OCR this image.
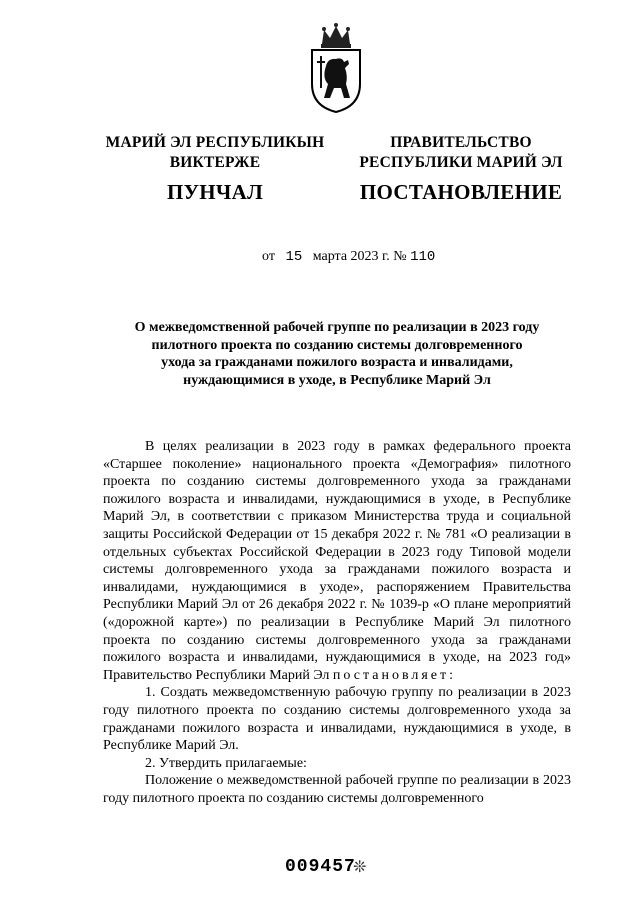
МАРИЙ ЭЛ РЕСПУБЛИКЫН
ВИКТЕРЖЕ
ПУНЧАЛ
ПРАВИТЕЛЬСТВО
РЕСПУБЛИКИ МАРИЙ ЭЛ
ПОСТАНОВЛЕНИЕ
от 15 марта 2023 г. № 110
О межведомственной рабочей группе по реализации в 2023 году
пилотного проекта по созданию системы долговременного
ухода за гражданами пожилого возраста и инвалидами,
нуждающимися в уходе, в Республике Марий Эл

В целях реализации в 2023 году в рамках федерального проекта «Старшее поколение» национального проекта «Демография» пилотного проекта по созданию системы долговременного ухода за гражданами пожилого возраста и инвалидами, нуждающимися в уходе, в Республике Марий Эл, в соответствии с приказом Министерства труда и социальной защиты Российской Федерации от 15 декабря 2022 г. № 781 «О реализации в отдельных субъектах Российской Федерации в 2023 году Типовой модели системы долговременного ухода за гражданами пожилого возраста и инвалидами, нуждающимися в уходе», распоряжением Правительства Республики Марий Эл от 26 декабря 2022 г. № 1039-р «О плане мероприятий («дорожной карте») по реализации в Республике Марий Эл пилотного проекта по созданию системы долговременного ухода за гражданами пожилого возраста и инвалидами, нуждающимися в уходе, на 2023 год» Правительство Республики Марий Эл постановляет:

1. Создать межведомственную рабочую группу по реализации в 2023 году пилотного проекта по созданию системы долговременного ухода за гражданами пожилого возраста и инвалидами, нуждающимися в уходе, в Республике Марий Эл.

2. Утвердить прилагаемые:

Положение о межведомственной рабочей группе по реализации в 2023 году пилотного проекта по созданию системы долговременного

009457
❊
